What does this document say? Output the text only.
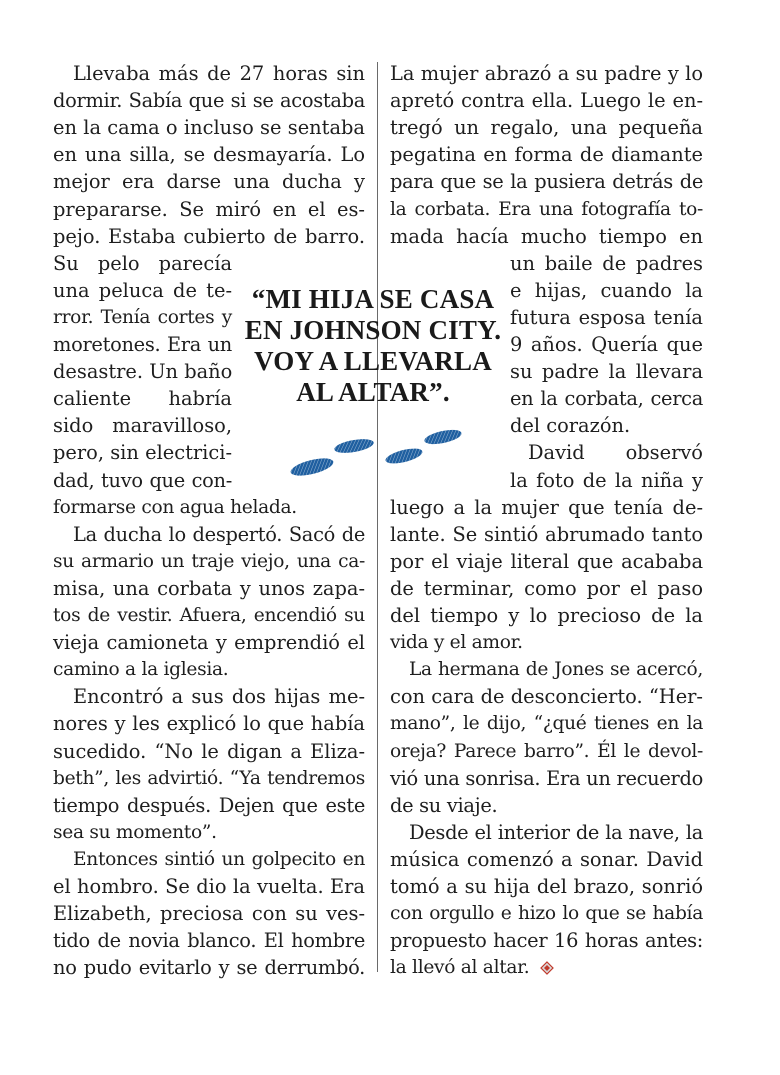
Llevaba más de 27 horas sin
dormir. Sabía que si se acostaba
en la cama o incluso se sentaba
en una silla, se desmayaría. Lo
mejor era darse una ducha y
prepararse. Se miró en el es-
pejo. Estaba cubierto de barro.
Su pelo parecía
una peluca de te-
rror. Tenía cortes y
moretones. Era un
desastre. Un baño
caliente habría
sido maravilloso,
pero, sin electrici-
dad, tuvo que con-
formarse con agua helada.
La ducha lo despertó. Sacó de
su armario un traje viejo, una ca-
misa, una corbata y unos zapa-
tos de vestir. Afuera, encendió su
vieja camioneta y emprendió el
camino a la iglesia.
Encontró a sus dos hijas me-
nores y les explicó lo que había
sucedido. “No le digan a Eliza-
beth”, les advirtió. “Ya tendremos
tiempo después. Dejen que este
sea su momento”.
Entonces sintió un golpecito en
el hombro. Se dio la vuelta. Era
Elizabeth, preciosa con su ves-
tido de novia blanco. El hombre
no pudo evitarlo y se derrumbó.
La mujer abrazó a su padre y lo
apretó contra ella. Luego le en-
tregó un regalo, una pequeña
pegatina en forma de diamante
para que se la pusiera detrás de
la corbata. Era una fotografía to-
mada hacía mucho tiempo en
un baile de padres
e hijas, cuando la
futura esposa tenía
9 años. Quería que
su padre la llevara
en la corbata, cerca
del corazón.
David observó
la foto de la niña y
luego a la mujer que tenía de-
lante. Se sintió abrumado tanto
por el viaje literal que acababa
de terminar, como por el paso
del tiempo y lo precioso de la
vida y el amor.
La hermana de Jones se acercó,
con cara de desconcierto. “Her-
mano”, le dijo, “¿qué tienes en la
oreja? Parece barro”. Él le devol-
vió una sonrisa. Era un recuerdo
de su viaje.
Desde el interior de la nave, la
música comenzó a sonar. David
tomó a su hija del brazo, sonrió
con orgullo e hizo lo que se había
propuesto hacer 16 horas antes:
la llevó al altar.
“MI HIJA SE CASA
EN JOHNSON CITY.
VOY A LLEVARLA
AL ALTAR”.
